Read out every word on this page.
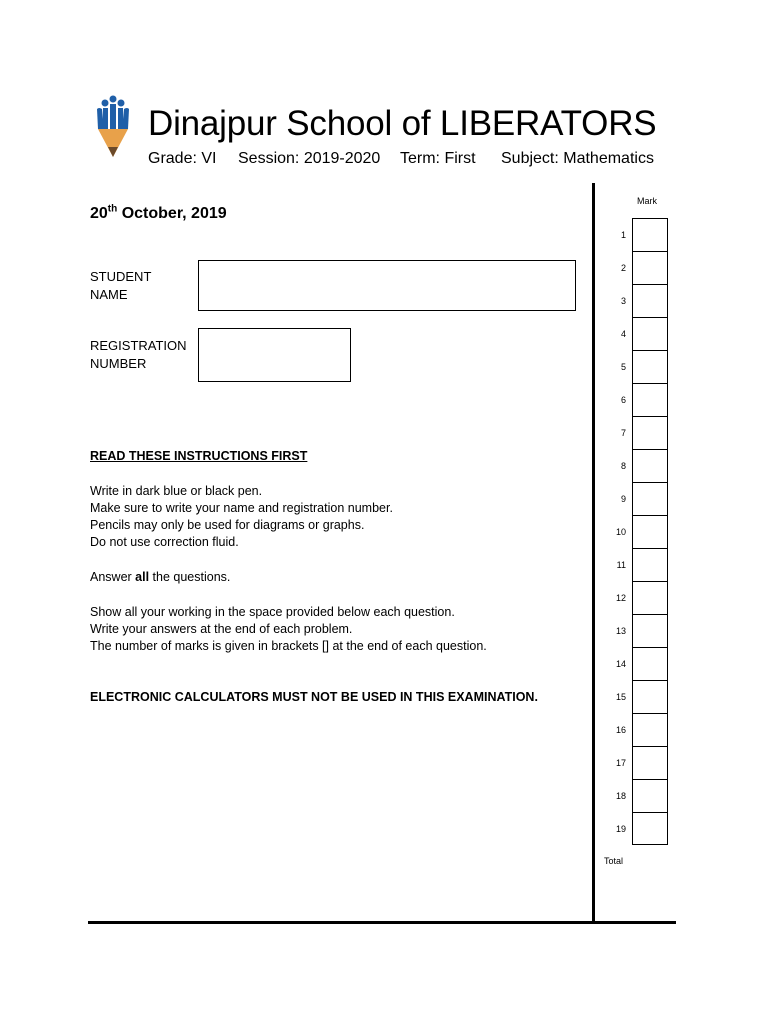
Dinajpur School of LIBERATORS
Grade: VI Session: 2019-2020 Term: First Subject: Mathematics
20th October, 2019
STUDENT
NAME
REGISTRATION
NUMBER
READ THESE INSTRUCTIONS FIRST
Write in dark blue or black pen.
Make sure to write your name and registration number.
Pencils may only be used for diagrams or graphs.
Do not use correction fluid.
Answer all the questions.
Show all your working in the space provided below each question.
Write your answers at the end of each problem.
The number of marks is given in brackets [] at the end of each question.
ELECTRONIC CALCULATORS MUST NOT BE USED IN THIS EXAMINATION.
Mark
1
2
3
4
5
6
7
8
9
10
11
12
13
14
15
16
17
18
19
Total
